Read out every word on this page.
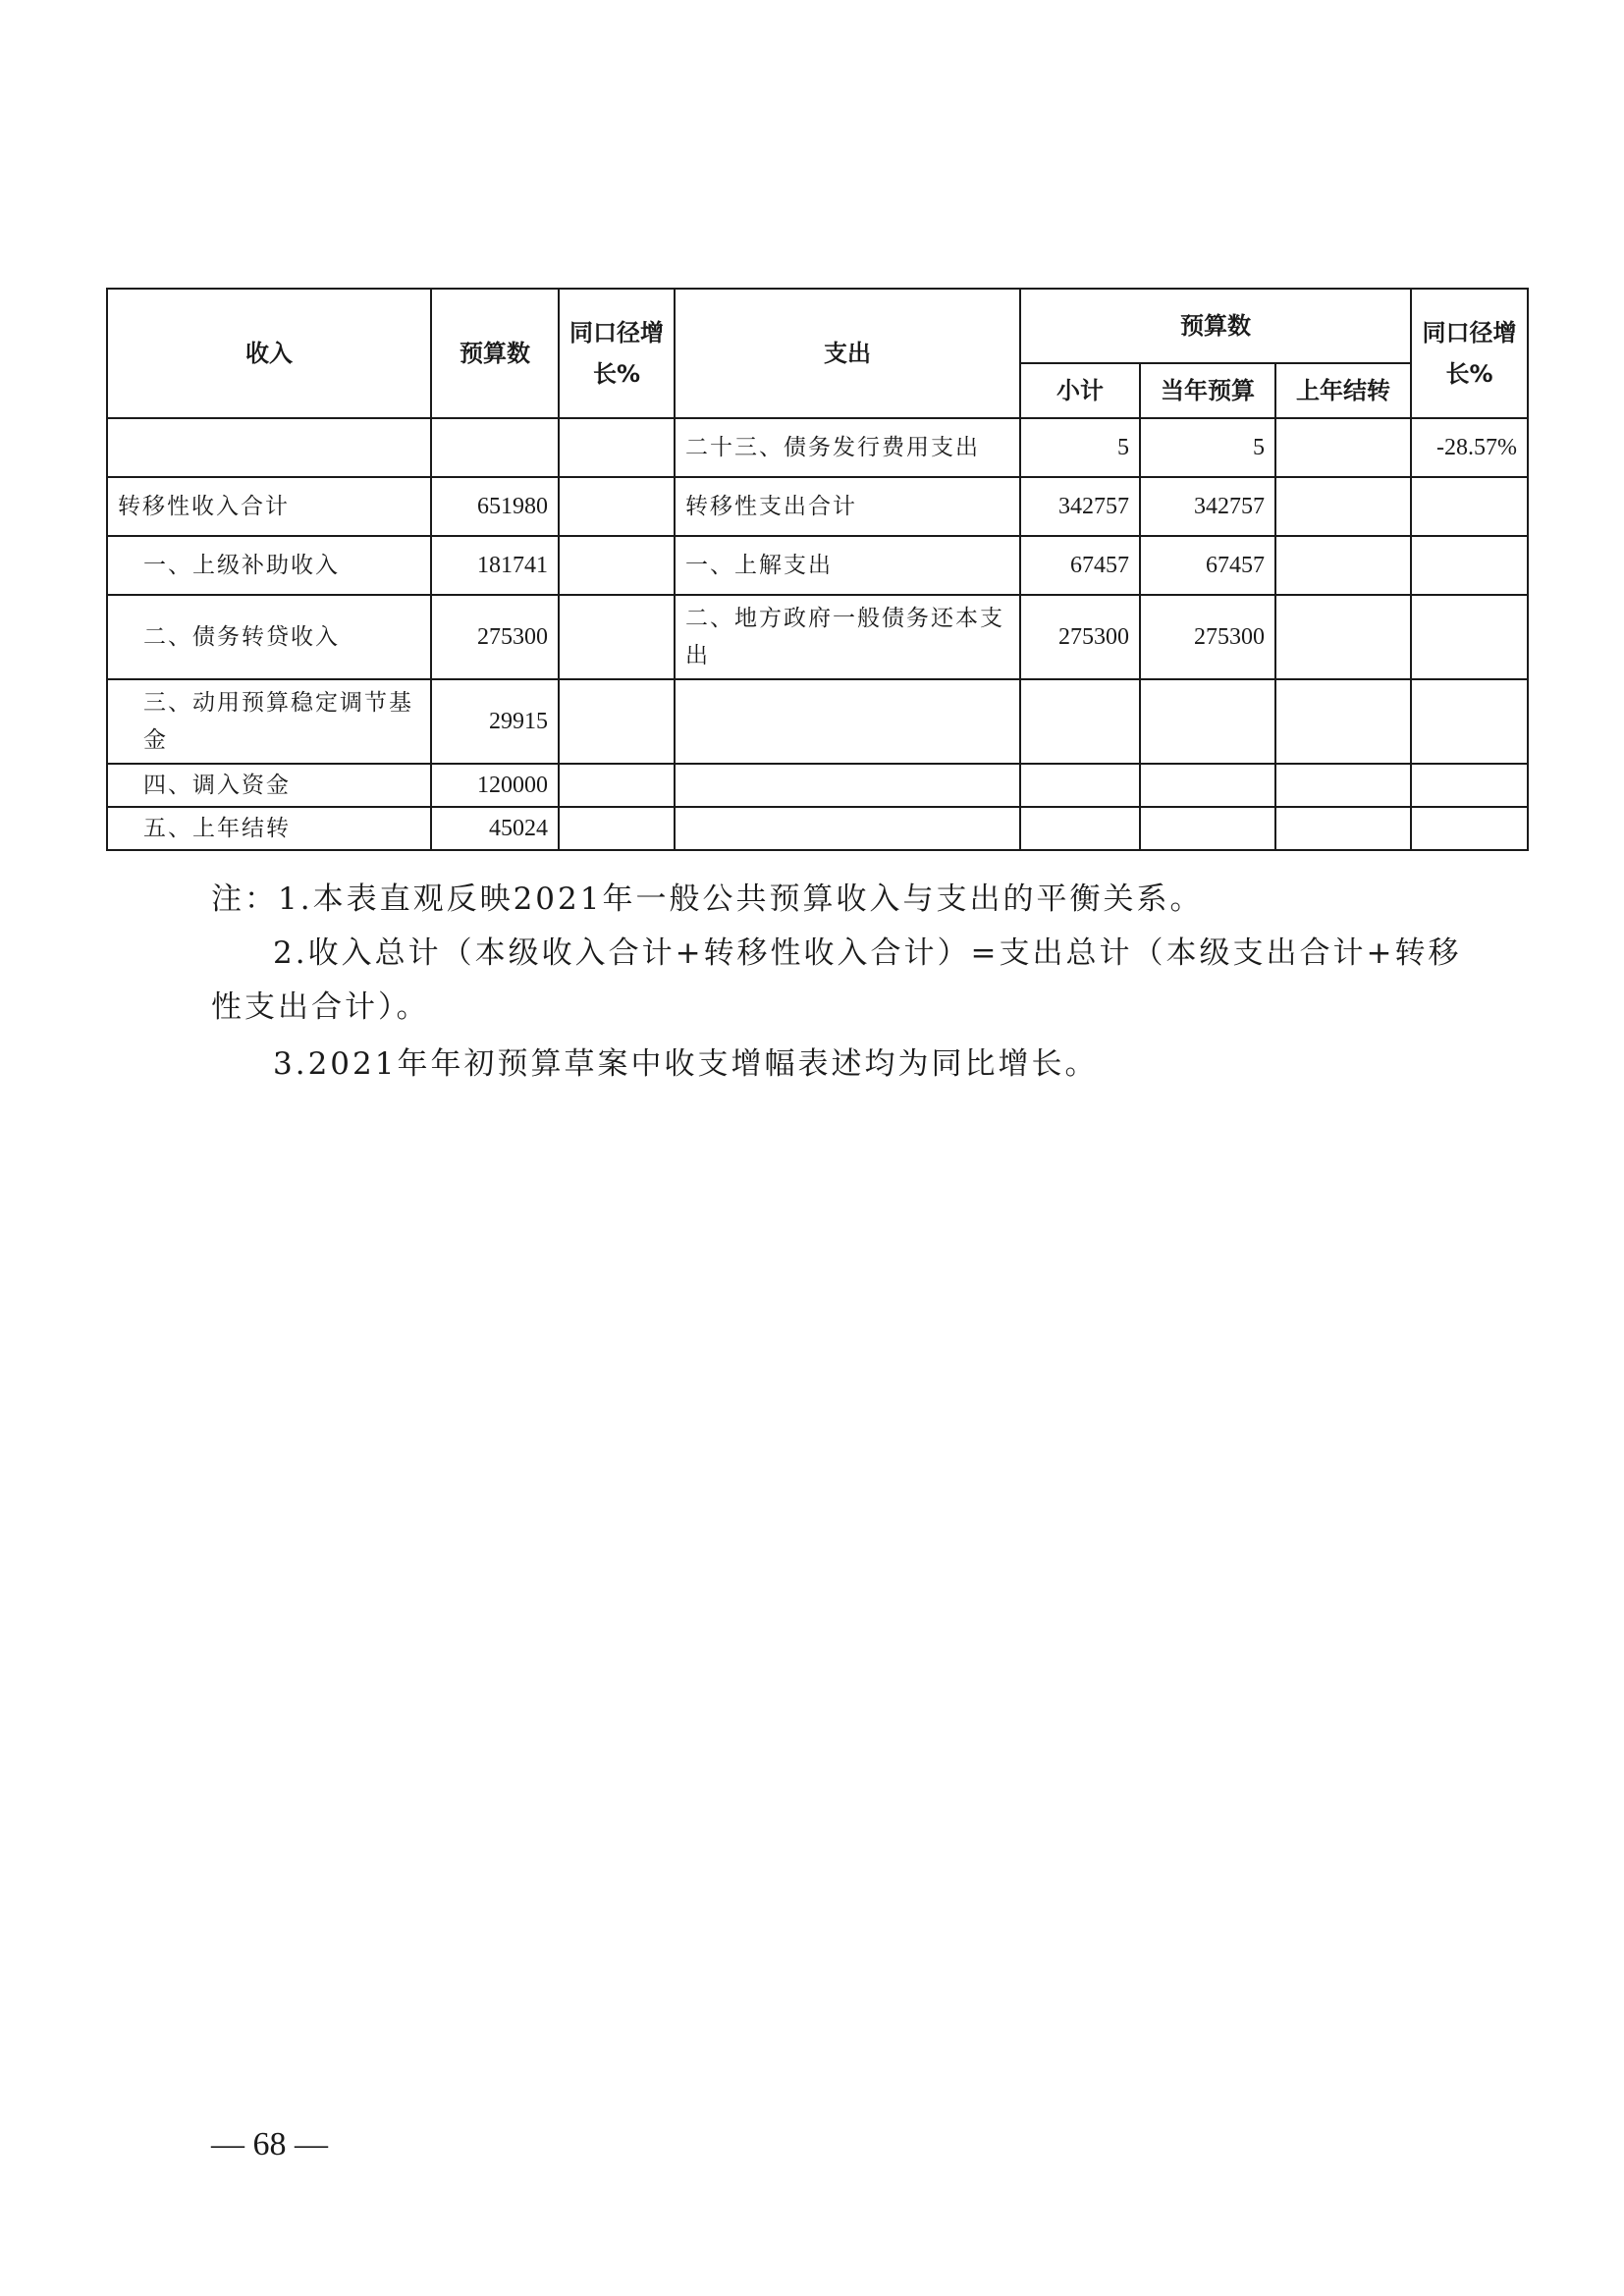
收入	预算数	同口径增长%	支出	预算数			同口径增长%
				小计	当年预算	上年结转	
			二十三、债务发行费用支出	5	5		-28.57%
转移性收入合计	651980		转移性支出合计	342757	342757		
一、上级补助收入	181741		一、上解支出	67457	67457		
二、债务转贷收入	275300		二、地方政府一般债务还本支出	275300	275300		
三、动用预算稳定调节基金	29915						
四、调入资金	120000						
五、上年结转	45024						

注：1.本表直观反映2021年一般公共预算收入与支出的平衡关系。

2.收入总计（本级收入合计+转移性收入合计）=支出总计（本级支出合计+转移

性支出合计）。

3.2021年年初预算草案中收支增幅表述均为同比增长。

— 68 —
